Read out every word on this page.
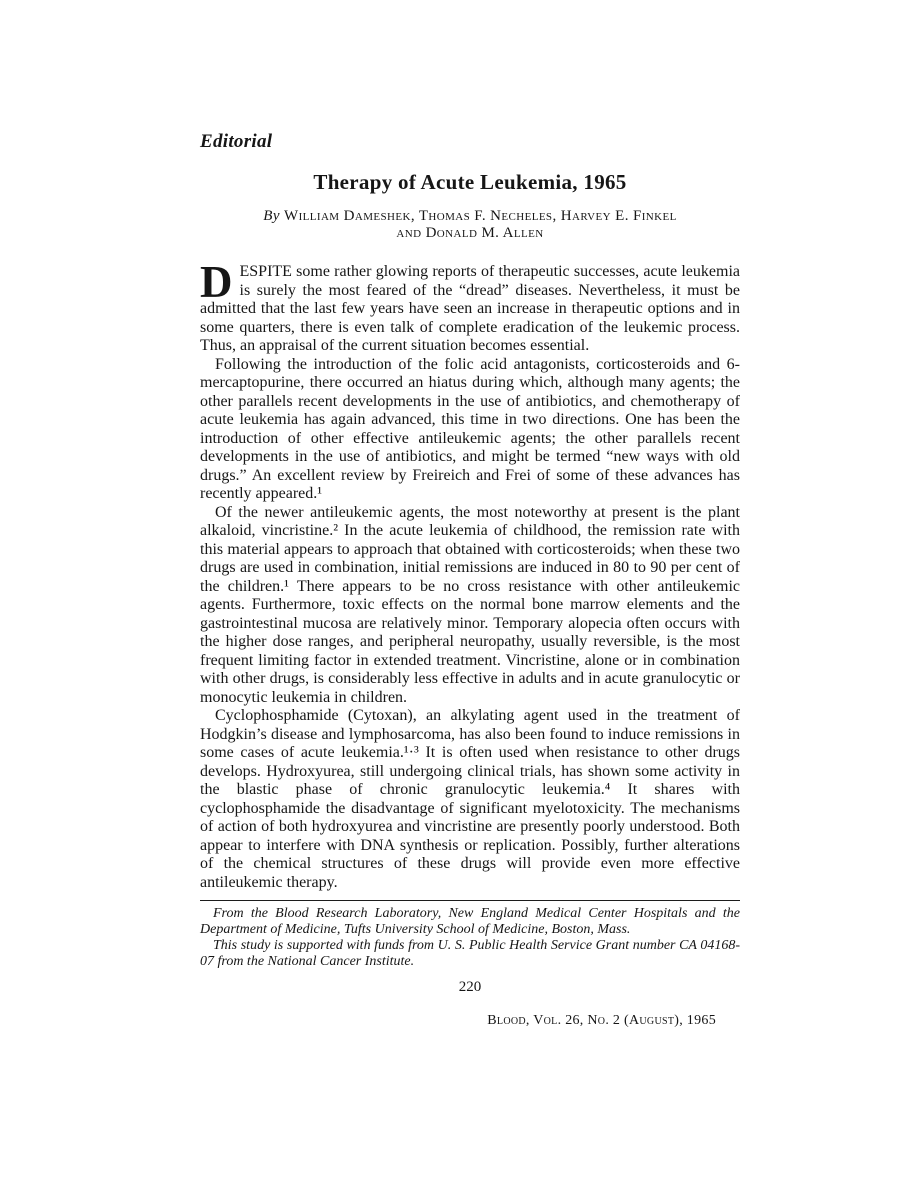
Editorial
Therapy of Acute Leukemia, 1965
By William Dameshek, Thomas F. Necheles, Harvey E. Finkel
and Donald M. Allen

D ESPITE some rather glowing reports of therapeutic successes, acute leukemia is surely the most feared of the “dread” diseases. Nevertheless, it must be admitted that the last few years have seen an increase in therapeutic options and in some quarters, there is even talk of complete eradication of the leukemic process. Thus, an appraisal of the current situation becomes essential.

Following the introduction of the folic acid antagonists, corticosteroids and 6-mercaptopurine, there occurred an hiatus during which, although many agents; the other parallels recent developments in the use of antibiotics, and chemotherapy of acute leukemia has again advanced, this time in two directions. One has been the introduction of other effective antileukemic agents; the other parallels recent developments in the use of antibiotics, and might be termed “new ways with old drugs.” An excellent review by Freireich and Frei of some of these advances has recently appeared.¹

Of the newer antileukemic agents, the most noteworthy at present is the plant alkaloid, vincristine.² In the acute leukemia of childhood, the remission rate with this material appears to approach that obtained with corticosteroids; when these two drugs are used in combination, initial remissions are induced in 80 to 90 per cent of the children.¹ There appears to be no cross resistance with other antileukemic agents. Furthermore, toxic effects on the normal bone marrow elements and the gastrointestinal mucosa are relatively minor. Temporary alopecia often occurs with the higher dose ranges, and peripheral neuropathy, usually reversible, is the most frequent limiting factor in extended treatment. Vincristine, alone or in combination with other drugs, is considerably less effective in adults and in acute granulocytic or monocytic leukemia in children.

Cyclophosphamide (Cytoxan), an alkylating agent used in the treatment of Hodgkin’s disease and lymphosarcoma, has also been found to induce remissions in some cases of acute leukemia.¹·³ It is often used when resistance to other drugs develops. Hydroxyurea, still undergoing clinical trials, has shown some activity in the blastic phase of chronic granulocytic leukemia.⁴ It shares with cyclophosphamide the disadvantage of significant myelotoxicity. The mechanisms of action of both hydroxyurea and vincristine are presently poorly understood. Both appear to interfere with DNA synthesis or replication. Possibly, further alterations of the chemical structures of these drugs will provide even more effective antileukemic therapy.

From the Blood Research Laboratory, New England Medical Center Hospitals and the Department of Medicine, Tufts University School of Medicine, Boston, Mass.

This study is supported with funds from U. S. Public Health Service Grant number CA 04168-07 from the National Cancer Institute.

220
Blood, Vol. 26, No. 2 (August), 1965
